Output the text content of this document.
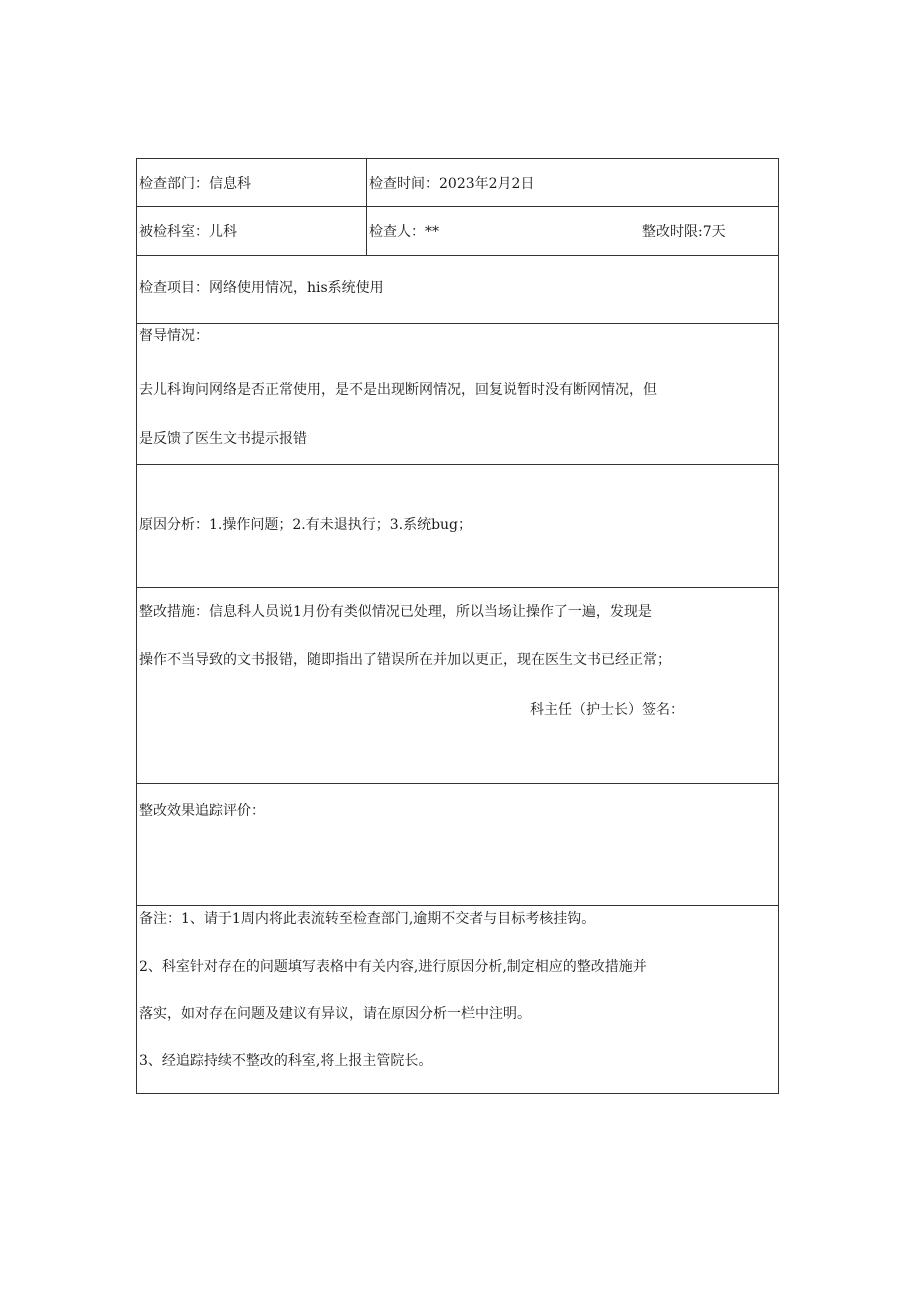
检查部门：信息科	检查时间：2023年2月2日

被检科室：儿科	检查人：** 整改时限:7天

检查项目：网络使用情况，his系统使用	

督导情况：
去儿科询问网络是否正常使用，是不是出现断网情况，回复说暂时没有断网情况，但
是反馈了医生文书提示报错	

原因分析：1.操作问题；2.有未退执行；3.系统bug；	

整改措施：信息科人员说1月份有类似情况已处理，所以当场让操作了一遍，发现是
操作不当导致的文书报错，随即指出了错误所在并加以更正，现在医生文书已经正常；
科主任（护士长）签名：	

整改效果追踪评价：	

备注：1、请于1周内将此表流转至检查部门,逾期不交者与目标考核挂钩。
2、科室针对存在的问题填写表格中有关内容,进行原因分析,制定相应的整改措施并
落实，如对存在问题及建议有异议，请在原因分析一栏中注明。
3、经追踪持续不整改的科室,将上报主管院长。	
